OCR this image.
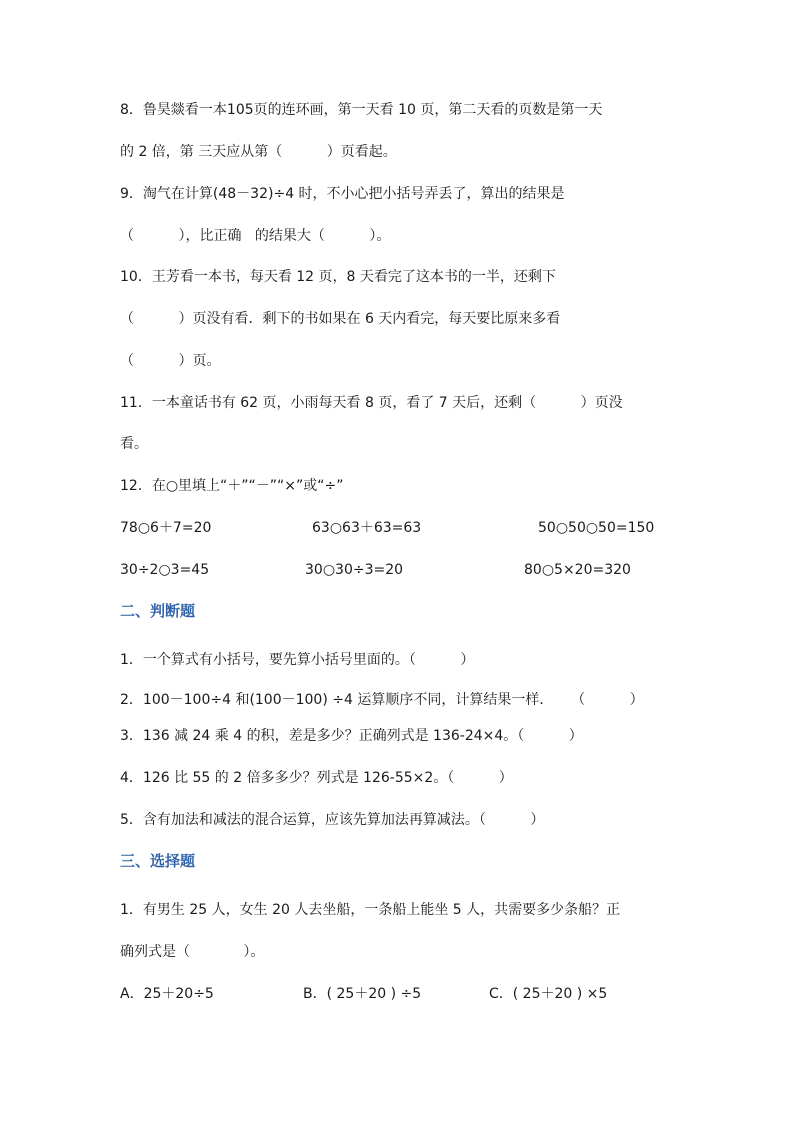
8．鲁昊燚看一本105页的连环画，第一天看 10 页，第二天看的页数是第一天
的 2 倍，第 三天应从第（          ）页看起。
9．淘气在计算(48－32)÷4 时，不小心把小括号弄丢了，算出的结果是
（          ），比正确   的结果大（          ）。
10．王芳看一本书，每天看 12 页，8 天看完了这本书的一半，还剩下
（          ）页没有看．剩下的书如果在 6 天内看完，每天要比原来多看
（          ）页。
11．一本童话书有 62 页，小雨每天看 8 页，看了 7 天后，还剩（          ）页没
看。
12．在○里填上“＋”“－”“×”或“÷”
78○6＋7=20	63○63＋63=63	50○50○50=150
30÷2○3=45	30○30÷3=20	80○5×20=320
二、判断题
1．一个算式有小括号，要先算小括号里面的。（          ）
2．100－100÷4 和(100－100) ÷4 运算顺序不同，计算结果一样．    （          ）
3．136 减 24 乘 4 的积，差是多少？正确列式是 136-24×4。（          ）
4．126 比 55 的 2 倍多多少？列式是 126-55×2。（          ）
5．含有加法和减法的混合运算，应该先算加法再算减法。（          ）
三、选择题
1．有男生 25 人，女生 20 人去坐船，一条船上能坐 5 人，共需要多少条船？正
确列式是（            ）。
A．25＋20÷5	B．( 25＋20 ) ÷5	C．( 25＋20 ) ×5
